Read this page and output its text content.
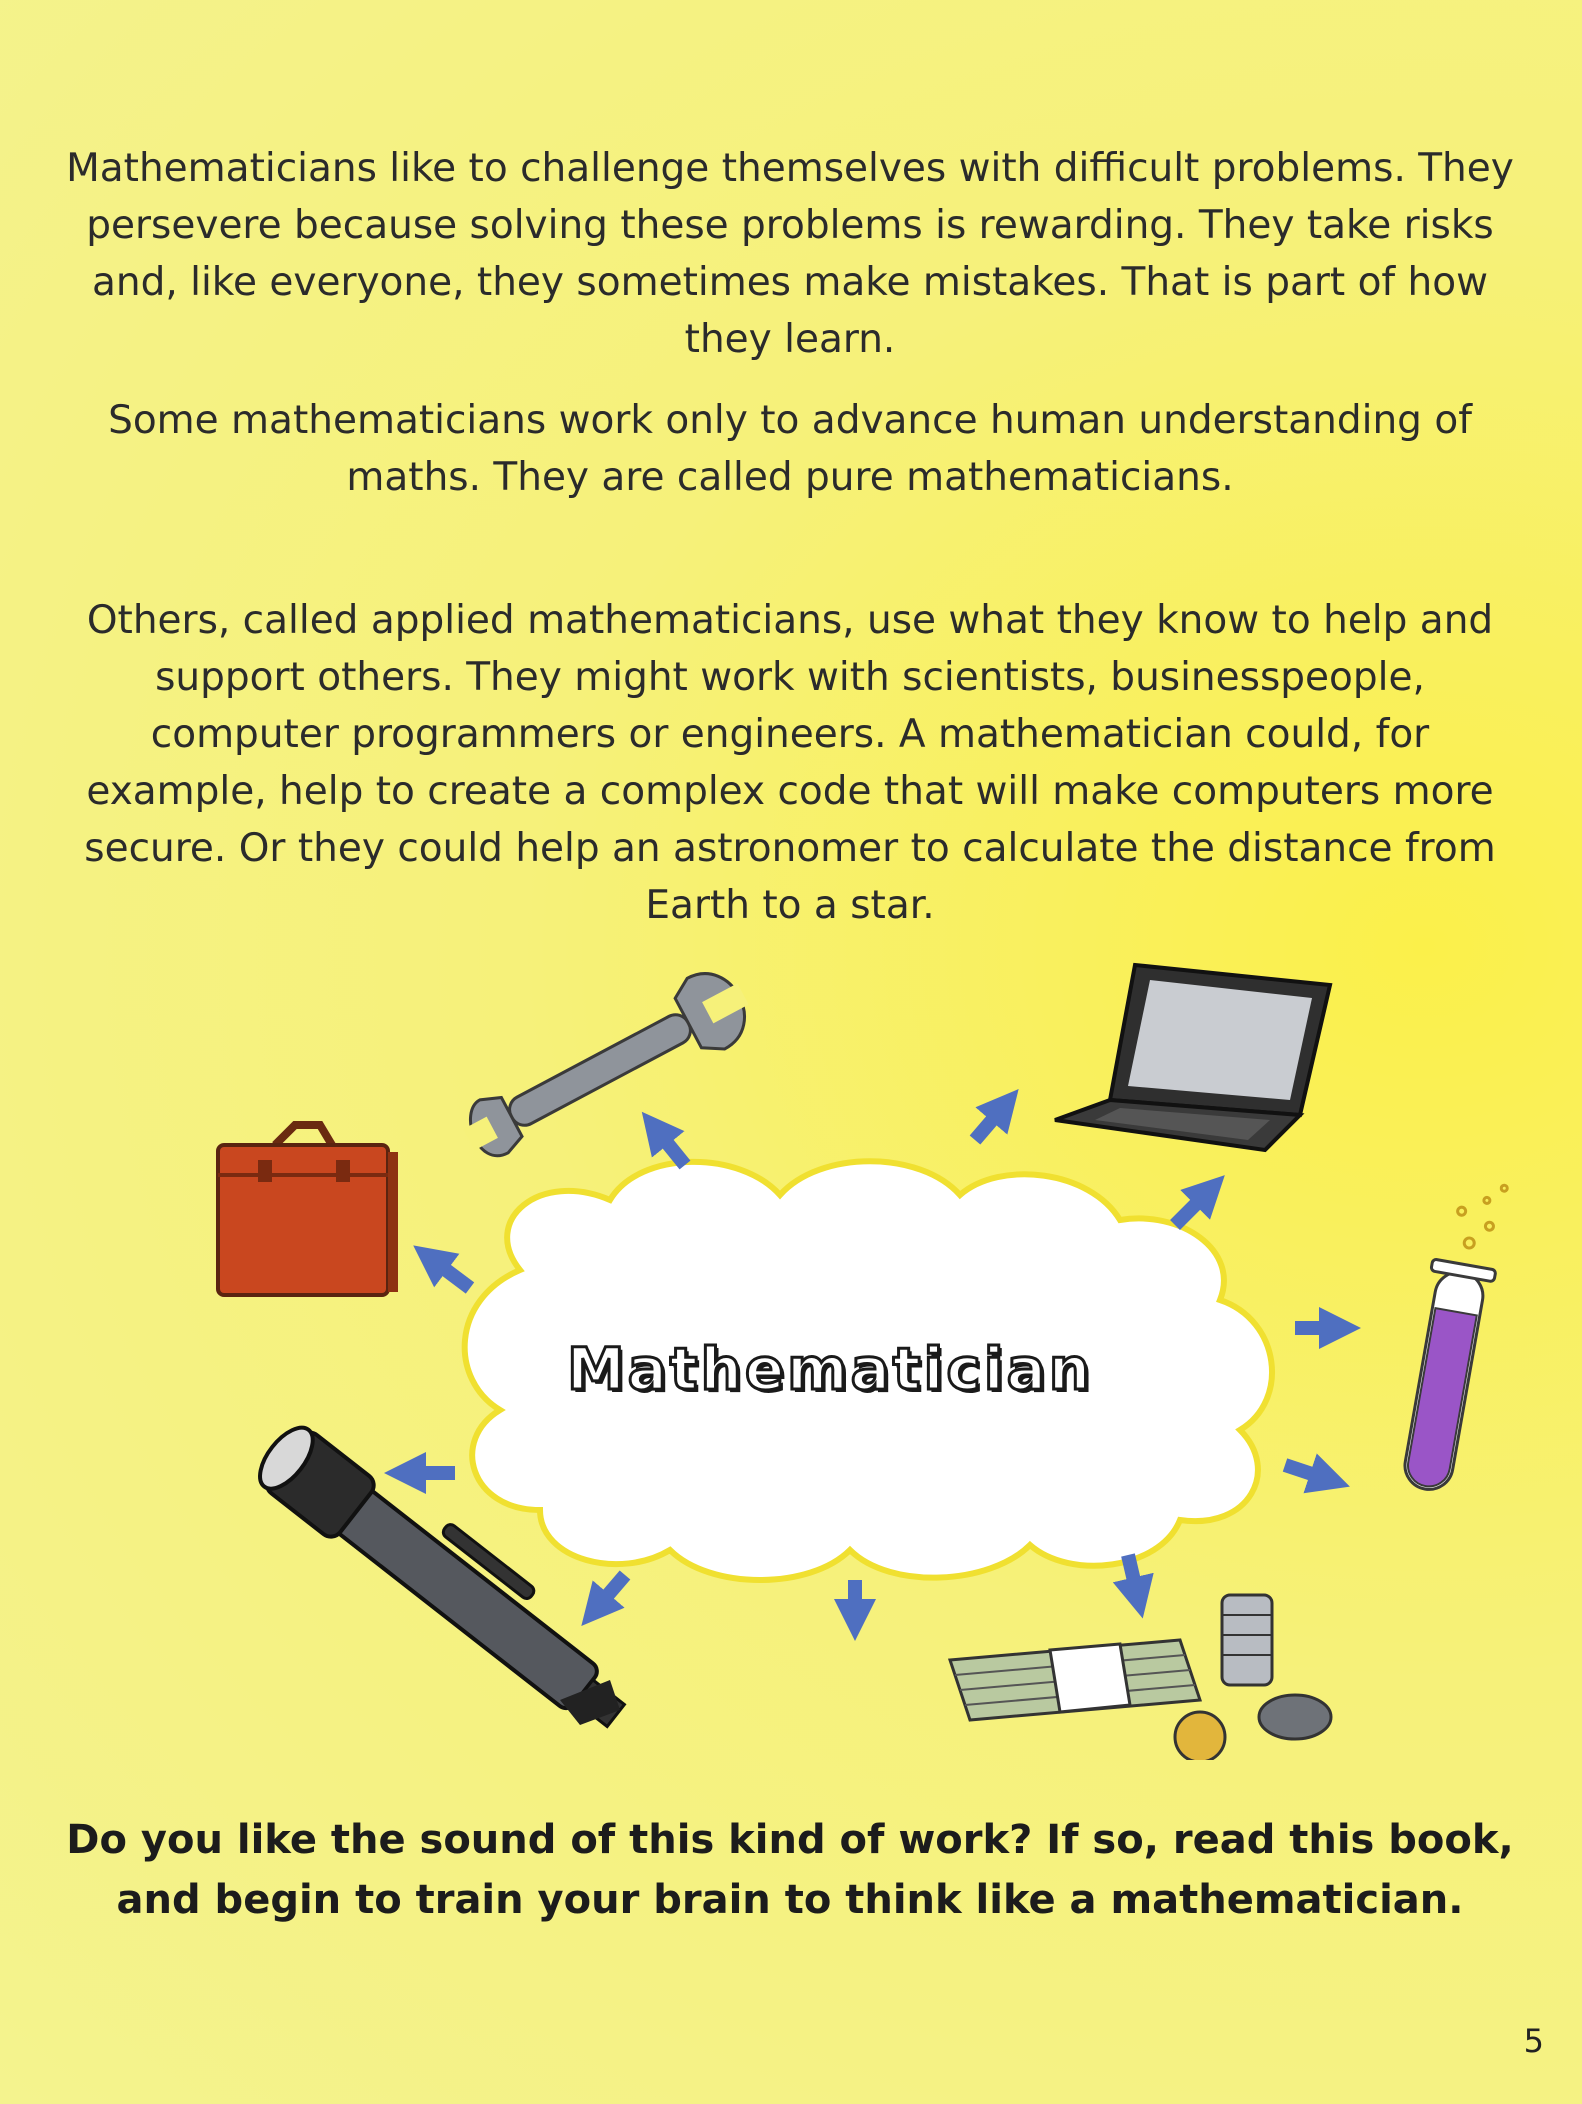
Mathematicians like to challenge themselves with difficult problems. They persevere because solving these problems is rewarding. They take risks and, like everyone, they sometimes make mistakes. That is part of how they learn.
Some mathematicians work only to advance human understanding of maths. They are called pure mathematicians.
Others, called applied mathematicians, use what they know to help and support others. They might work with scientists, businesspeople, computer programmers or engineers. A mathematician could, for example, help to create a complex code that will make computers more secure. Or they could help an astronomer to calculate the distance from Earth to a star.
Mathematician
Do you like the sound of this kind of work? If so, read this book, and begin to train your brain to think like a mathematician.
5
